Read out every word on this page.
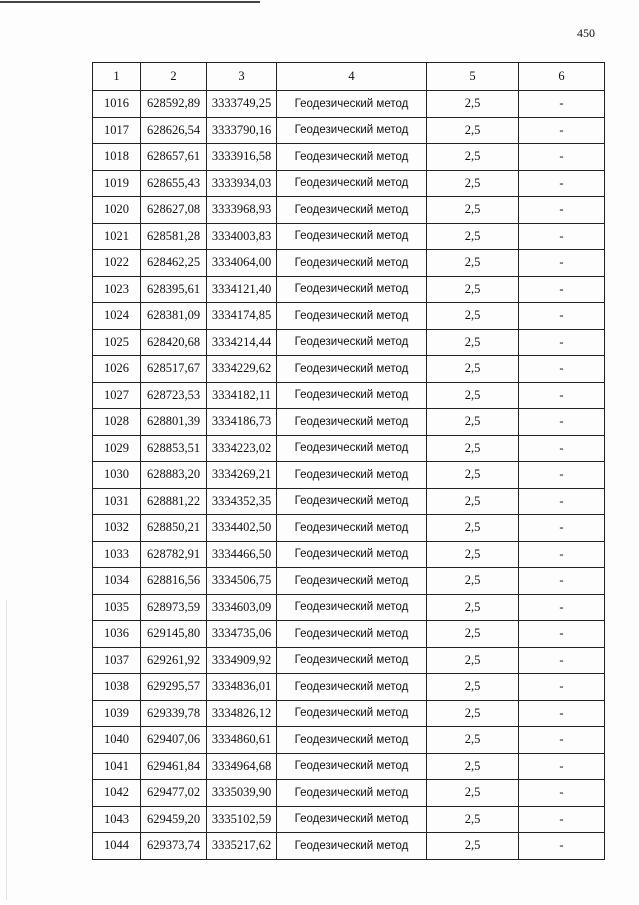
450
1	2	3	4	5	6
1016	628592,89	3333749,25	Геодезический метод	2,5	-
1017	628626,54	3333790,16	Геодезический метод	2,5	-
1018	628657,61	3333916,58	Геодезический метод	2,5	-
1019	628655,43	3333934,03	Геодезический метод	2,5	-
1020	628627,08	3333968,93	Геодезический метод	2,5	-
1021	628581,28	3334003,83	Геодезический метод	2,5	-
1022	628462,25	3334064,00	Геодезический метод	2,5	-
1023	628395,61	3334121,40	Геодезический метод	2,5	-
1024	628381,09	3334174,85	Геодезический метод	2,5	-
1025	628420,68	3334214,44	Геодезический метод	2,5	-
1026	628517,67	3334229,62	Геодезический метод	2,5	-
1027	628723,53	3334182,11	Геодезический метод	2,5	-
1028	628801,39	3334186,73	Геодезический метод	2,5	-
1029	628853,51	3334223,02	Геодезический метод	2,5	-
1030	628883,20	3334269,21	Геодезический метод	2,5	-
1031	628881,22	3334352,35	Геодезический метод	2,5	-
1032	628850,21	3334402,50	Геодезический метод	2,5	-
1033	628782,91	3334466,50	Геодезический метод	2,5	-
1034	628816,56	3334506,75	Геодезический метод	2,5	-
1035	628973,59	3334603,09	Геодезический метод	2,5	-
1036	629145,80	3334735,06	Геодезический метод	2,5	-
1037	629261,92	3334909,92	Геодезический метод	2,5	-
1038	629295,57	3334836,01	Геодезический метод	2,5	-
1039	629339,78	3334826,12	Геодезический метод	2,5	-
1040	629407,06	3334860,61	Геодезический метод	2,5	-
1041	629461,84	3334964,68	Геодезический метод	2,5	-
1042	629477,02	3335039,90	Геодезический метод	2,5	-
1043	629459,20	3335102,59	Геодезический метод	2,5	-
1044	629373,74	3335217,62	Геодезический метод	2,5	-
